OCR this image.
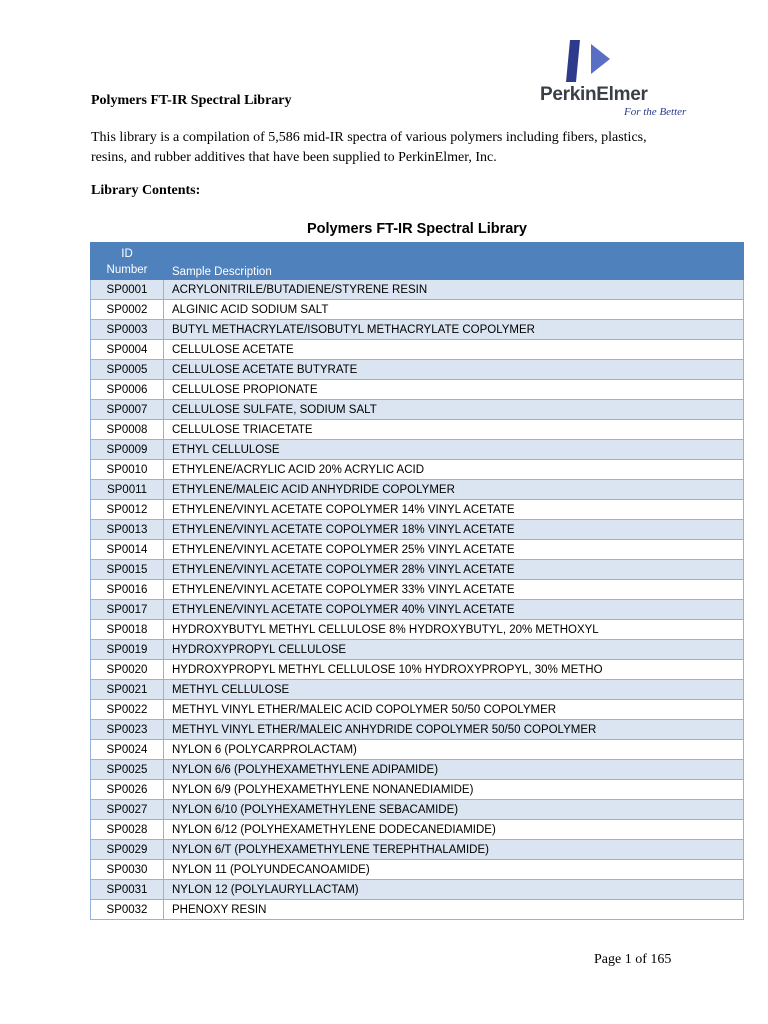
PerkinElmer
For the Better
Polymers FT-IR Spectral Library

This library is a compilation of 5,586 mid-IR spectra of various polymers including fibers, plastics, resins, and rubber additives that have been supplied to PerkinElmer, Inc.

Library Contents:
Polymers FT-IR Spectral Library
ID
Number	Sample Description
SP0001	ACRYLONITRILE/BUTADIENE/STYRENE RESIN
SP0002	ALGINIC ACID SODIUM SALT
SP0003	BUTYL METHACRYLATE/ISOBUTYL METHACRYLATE COPOLYMER
SP0004	CELLULOSE ACETATE
SP0005	CELLULOSE ACETATE BUTYRATE
SP0006	CELLULOSE PROPIONATE
SP0007	CELLULOSE SULFATE, SODIUM SALT
SP0008	CELLULOSE TRIACETATE
SP0009	ETHYL CELLULOSE
SP0010	ETHYLENE/ACRYLIC ACID 20% ACRYLIC ACID
SP0011	ETHYLENE/MALEIC ACID ANHYDRIDE COPOLYMER
SP0012	ETHYLENE/VINYL ACETATE COPOLYMER 14% VINYL ACETATE
SP0013	ETHYLENE/VINYL ACETATE COPOLYMER 18% VINYL ACETATE
SP0014	ETHYLENE/VINYL ACETATE COPOLYMER 25% VINYL ACETATE
SP0015	ETHYLENE/VINYL ACETATE COPOLYMER 28% VINYL ACETATE
SP0016	ETHYLENE/VINYL ACETATE COPOLYMER 33% VINYL ACETATE
SP0017	ETHYLENE/VINYL ACETATE COPOLYMER 40% VINYL ACETATE
SP0018	HYDROXYBUTYL METHYL CELLULOSE 8% HYDROXYBUTYL, 20% METHOXYL
SP0019	HYDROXYPROPYL CELLULOSE
SP0020	HYDROXYPROPYL METHYL CELLULOSE 10% HYDROXYPROPYL, 30% METHO
SP0021	METHYL CELLULOSE
SP0022	METHYL VINYL ETHER/MALEIC ACID COPOLYMER 50/50 COPOLYMER
SP0023	METHYL VINYL ETHER/MALEIC ANHYDRIDE COPOLYMER 50/50 COPOLYMER
SP0024	NYLON 6 (POLYCARPROLACTAM)
SP0025	NYLON 6/6 (POLYHEXAMETHYLENE ADIPAMIDE)
SP0026	NYLON 6/9 (POLYHEXAMETHYLENE NONANEDIAMIDE)
SP0027	NYLON 6/10 (POLYHEXAMETHYLENE SEBACAMIDE)
SP0028	NYLON 6/12 (POLYHEXAMETHYLENE DODECANEDIAMIDE)
SP0029	NYLON 6/T (POLYHEXAMETHYLENE TEREPHTHALAMIDE)
SP0030	NYLON 11 (POLYUNDECANOAMIDE)
SP0031	NYLON 12 (POLYLAURYLLACTAM)
SP0032	PHENOXY RESIN
Page 1 of 165
